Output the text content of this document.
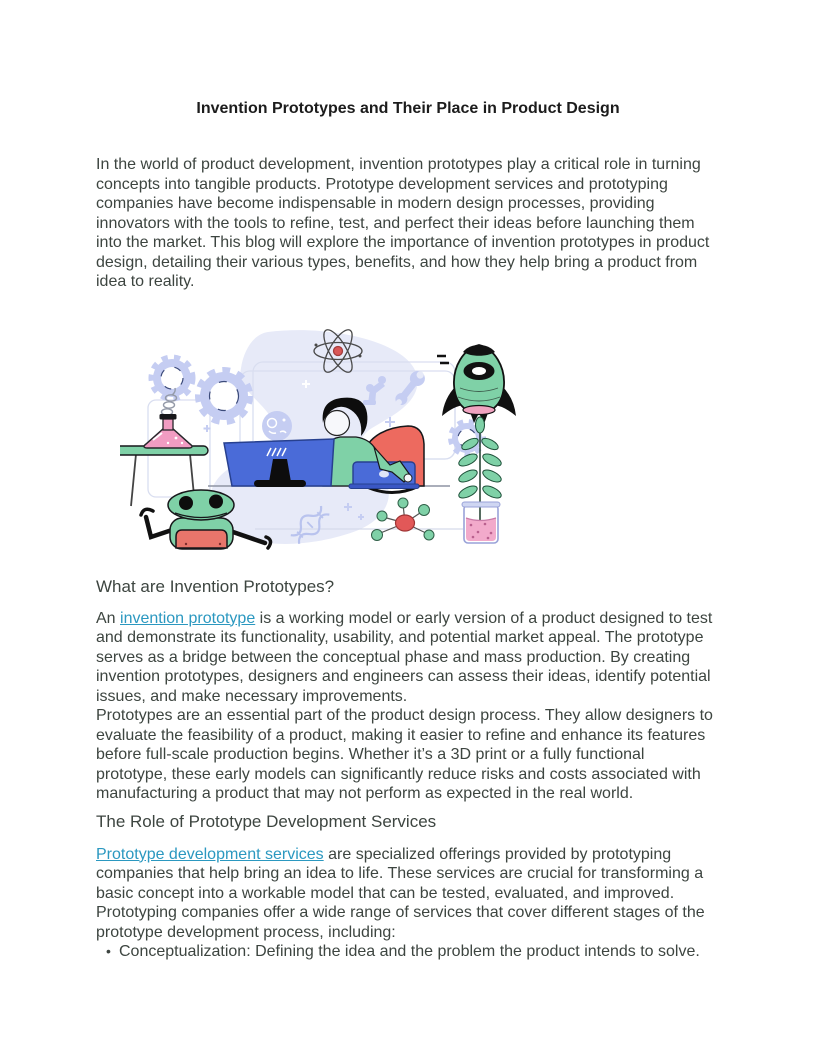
Invention Prototypes and Their Place in Product Design

In the world of product development, invention prototypes play a critical role in turning concepts into tangible products. Prototype development services and prototyping companies have become indispensable in modern design processes, providing innovators with the tools to refine, test, and perfect their ideas before launching them into the market. This blog will explore the importance of invention prototypes in product design, detailing their various types, benefits, and how they help bring a product from idea to reality.

What are Invention Prototypes?

An invention prototype is a working model or early version of a product designed to test and demonstrate its functionality, usability, and potential market appeal. The prototype serves as a bridge between the conceptual phase and mass production. By creating invention prototypes, designers and engineers can assess their ideas, identify potential issues, and make necessary improvements.

Prototypes are an essential part of the product design process. They allow designers to evaluate the feasibility of a product, making it easier to refine and enhance its features before full-scale production begins. Whether it’s a 3D print or a fully functional prototype, these early models can significantly reduce risks and costs associated with manufacturing a product that may not perform as expected in the real world.

The Role of Prototype Development Services

Prototype development services are specialized offerings provided by prototyping companies that help bring an idea to life. These services are crucial for transforming a basic concept into a workable model that can be tested, evaluated, and improved. Prototyping companies offer a wide range of services that cover different stages of the prototype development process, including:

• Conceptualization: Defining the idea and the problem the product intends to solve.
